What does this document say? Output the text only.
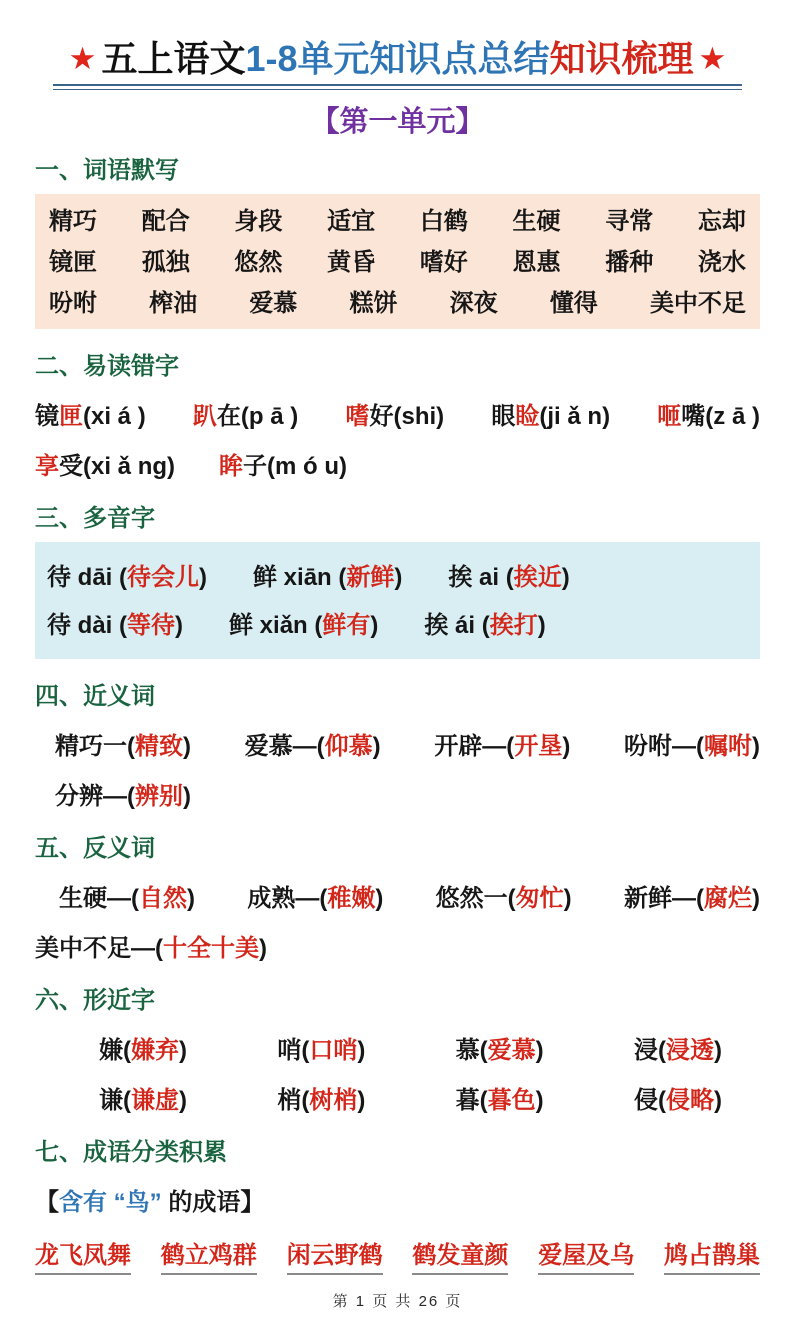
★ 五上语文1-8单元知识点总结知识梳理 ★
【第一单元】
一、词语默写
精巧 配合 身段 适宜 白鹤 生硬 寻常 忘却
镜匣 孤独 悠然 黄昏 嗜好 恩惠 播种 浇水
吩咐 榨油 爱慕 糕饼 深夜 懂得 美中不足
二、易读错字
镜匣(xi á ) 趴在(p ā ) 嗜好(shi) 眼睑(ji ǎ n) 咂嘴(z ā )
享受(xi ǎ ng) 眸子(m ó u)
三、多音字
待 dāi (待会儿) 鲜 xiān (新鲜) 挨 ai (挨近)
待 dài (等待) 鲜 xiǎn (鲜有) 挨 ái (挨打)
四、近义词
精巧一(精致) 爱慕—(仰慕) 开辟—(开垦) 吩咐—(嘱咐)
分辨—(辨别)
五、反义词
生硬—(自然) 成熟—(稚嫩) 悠然一(匆忙) 新鲜—(腐烂)
美中不足—(十全十美)
六、形近字
嫌(嫌弃)	哨(口哨)	慕(爱慕)	浸(浸透)
谦(谦虚)	梢(树梢)	暮(暮色)	侵(侵略)
七、成语分类积累
【含有 “鸟” 的成语】
龙飞凤舞 鹤立鸡群 闲云野鹤 鹤发童颜 爱屋及乌 鸠占鹊巢
第 1 页 共 26 页
